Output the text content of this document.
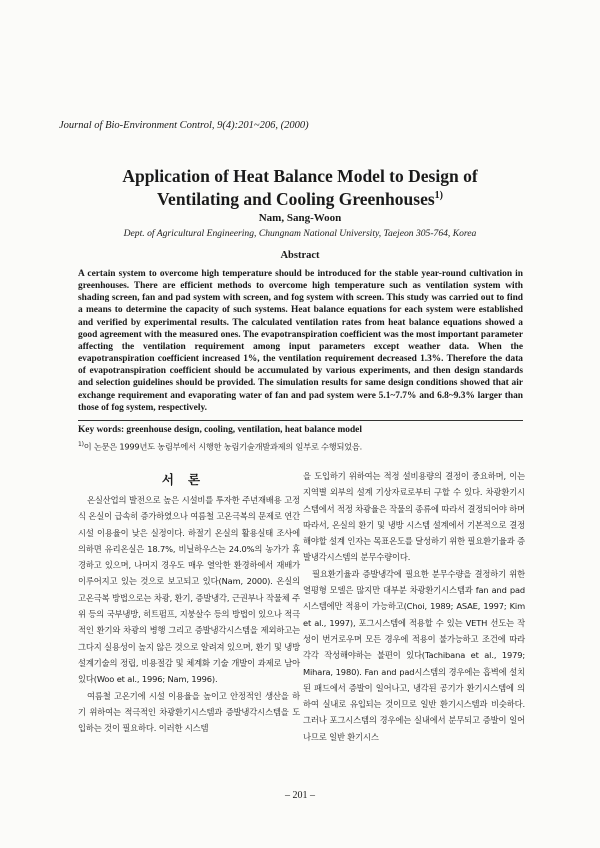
Journal of Bio-Environment Control, 9(4):201~206, (2000)
Application of Heat Balance Model to Design of
Ventilating and Cooling Greenhouses$^{1)}$
Nam, Sang-Woon
Dept. of Agricultural Engineering, Chungnam National University, Taejeon 305-764, Korea
Abstract

A certain system to overcome high temperature should be introduced for the stable year-round cultivation in greenhouses. There are efficient methods to overcome high temperature such as ventilation system with shading screen, fan and pad system with screen, and fog system with screen. This study was carried out to find a means to determine the capacity of such systems. Heat balance equations for each system were established and verified by experimental results. The calculated ventilation rates from heat balance equations showed a good agreement with the measured ones. The evapotranspiration coefficient was the most important parameter affecting the ventilation requirement among input parameters except weather data. When the evapotranspiration coefficient increased 1%, the ventilation requirement decreased 1.3%. Therefore the data of evapotranspiration coefficient should be accumulated by various experiments, and then design standards and selection guidelines should be provided. The simulation results for same design conditions showed that air exchange requirement and evaporating water of fan and pad system were 5.1~7.7% and 6.8~9.3% larger than those of fog system, respectively.

Key words: greenhouse design, cooling, ventilation, heat balance model
$^{1)}$이 논문은 1999년도 농림부에서 시행한 농림기술개발과제의 일부로 수행되었음.
서론

온실산업의 발전으로 높은 시설비를 투자한 주년재배용 고정식 온실이 급속히 증가하였으나 여름철 고온극복의 문제로 연간 시설 이용율이 낮은 실정이다. 하절기 온실의 활용실태 조사에 의하면 유리온실은 18.7%, 비닐하우스는 24.0%의 농가가 휴경하고 있으며, 나머지 경우도 매우 열악한 환경하에서 재배가 이루어지고 있는 것으로 보고되고 있다(Nam, 2000). 온실의 고온극복 방법으로는 차광, 환기, 증발냉각, 근권부나 작물체 주위 등의 국부냉방, 히트펌프, 지붕살수 등의 방법이 있으나 적극적인 환기와 차광의 병행 그리고 증발냉각시스템을 제외하고는 그다지 실용성이 높지 않은 것으로 알려져 있으며, 환기 및 냉방 설계기술의 정립, 비용절감 및 체계화 기술 개발이 과제로 남아 있다(Woo et al., 1996; Nam, 1996).

여름철 고온기에 시설 이용율을 높이고 안정적인 생산을 하기 위하여는 적극적인 차광환기시스템과 증발냉각시스템을 도입하는 것이 필요하다. 이러한 시스템

을 도입하기 위하여는 적정 설비용량의 결정이 중요하며, 이는 지역별 외부의 설계 기상자료로부터 구할 수 있다. 차광환기시스템에서 적정 차광율은 작물의 종류에 따라서 결정되어야 하며 따라서, 온실의 환기 및 냉방 시스템 설계에서 기본적으로 결정해야할 설계 인자는 목표온도를 달성하기 위한 필요환기율과 증발냉각시스템의 분무수량이다.

필요환기율과 증발냉각에 필요한 분무수량을 결정하기 위한 열평형 모델은 많지만 대부분 차광환기시스템과 fan and pad 시스템에만 적용이 가능하고(Choi, 1989; ASAE, 1997; Kim et al., 1997), 포그시스템에 적용할 수 있는 VETH 선도는 작성이 번거로우며 모든 경우에 적용이 불가능하고 조건에 따라 각각 작성해야하는 불편이 있다(Tachibana et al., 1979; Mihara, 1980). Fan and pad시스템의 경우에는 흡벽에 설치된 패드에서 증발이 일어나고, 냉각된 공기가 환기시스템에 의하여 실내로 유입되는 것이므로 일반 환기시스템과 비슷하다. 그러나 포그시스템의 경우에는 실내에서 분무되고 증발이 일어나므로 일반 환기시스

– 201 –
